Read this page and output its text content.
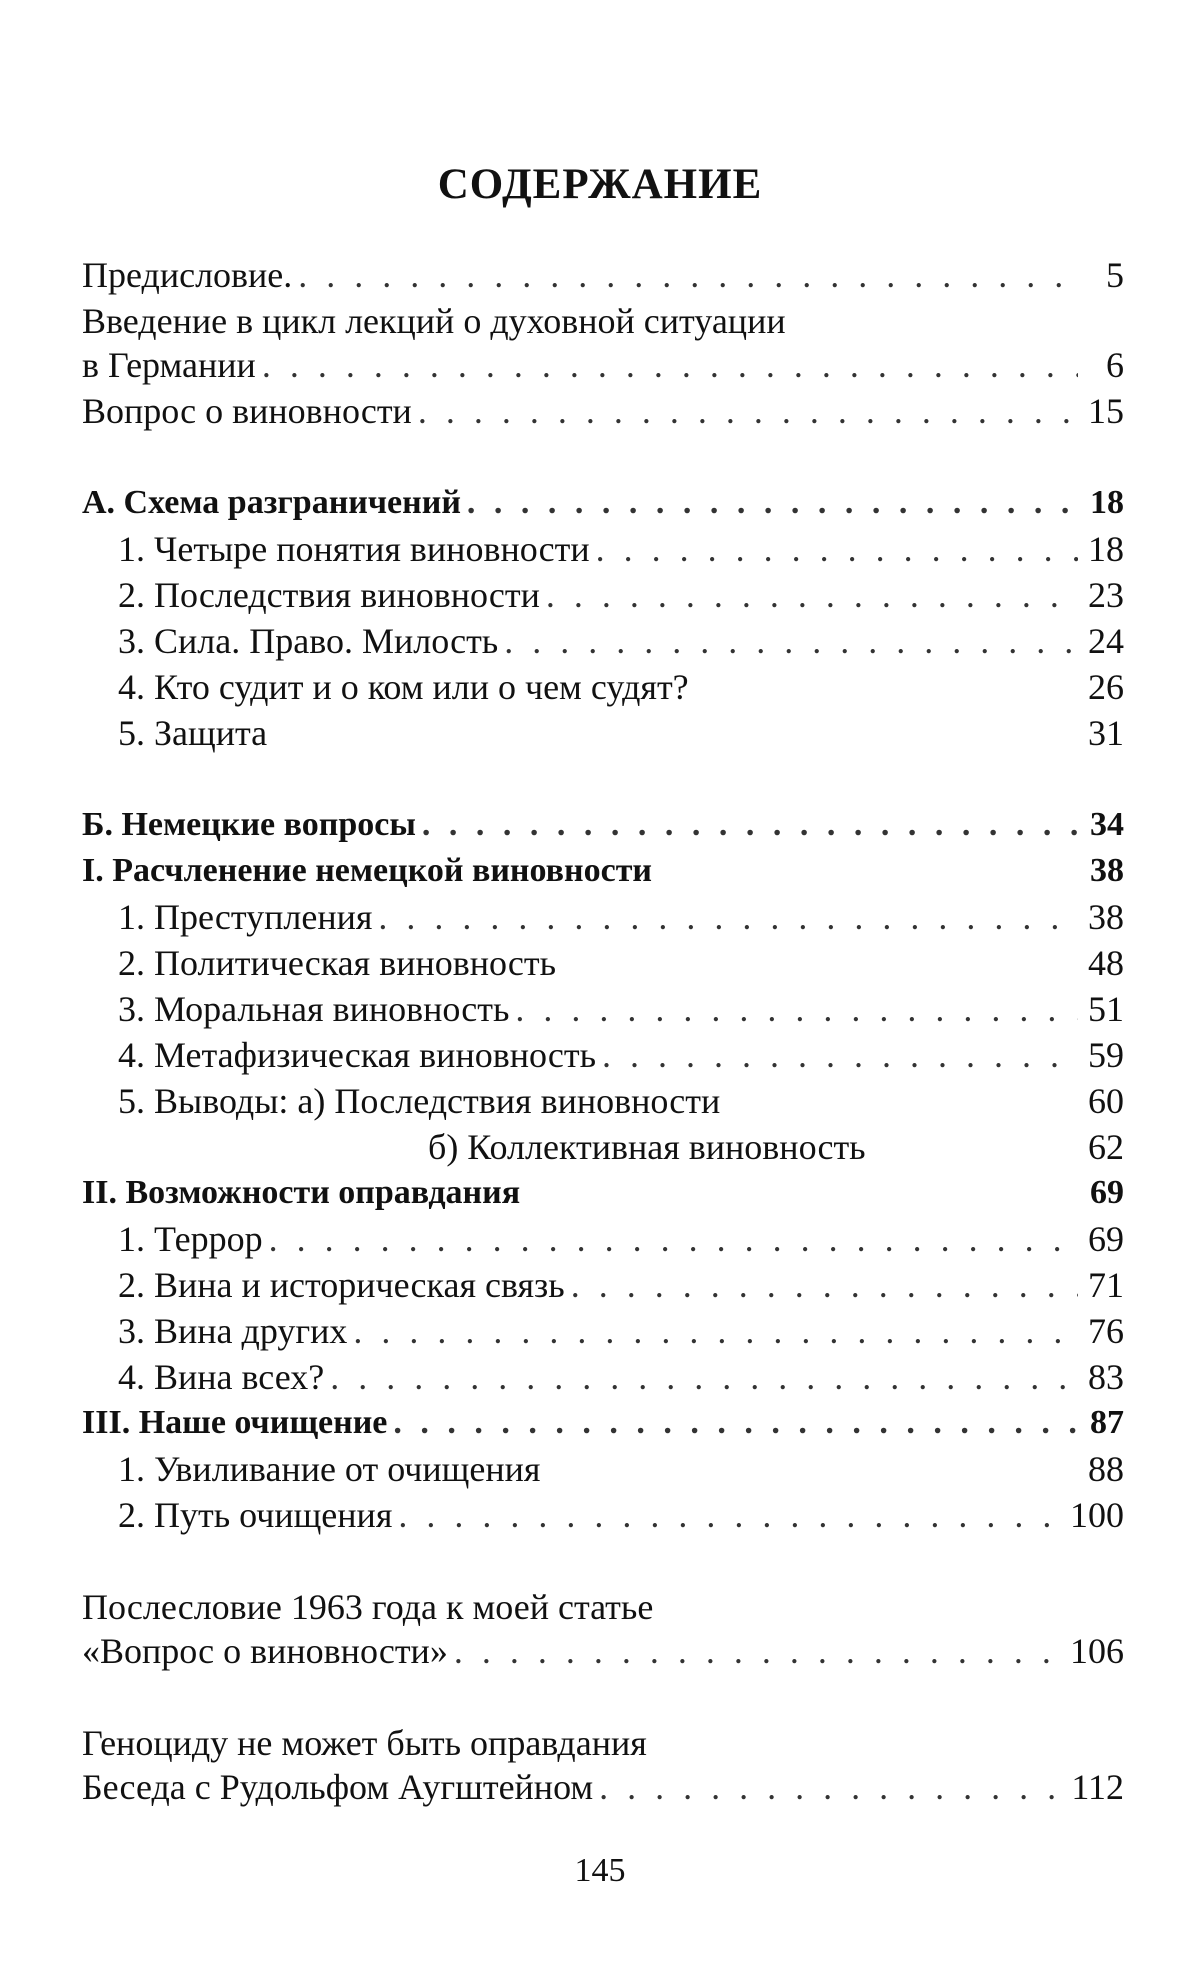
СОДЕРЖАНИЕ
Предисловие. . . .	5
Введение в цикл лекций о духовной ситуации
в Германии . . .	6
Вопрос о виновности . . .	15
А. Схема разграничений . . .	18
1. Четыре понятия виновности . . .	18
2. Последствия виновности . . .	23
3. Сила. Право. Милость . . .	24
4. Кто судит и о ком или о чем судят?	26
5. Защита	31
Б. Немецкие вопросы . . .	34
I. Расчленение немецкой виновности	38
1. Преступления . . .	38
2. Политическая виновность	48
3. Моральная виновность . . .	51
4. Метафизическая виновность . . .	59
5. Выводы: а) Последствия виновности	60
б) Коллективная виновность	62
II. Возможности оправдания	69
1. Террор . . .	69
2. Вина и историческая связь . . .	71
3. Вина других . . .	76
4. Вина всех? . . .	83
III. Наше очищение . . .	87
1. Увиливание от очищения	88
2. Путь очищения . . .	100
Послесловие 1963 года к моей статье
«Вопрос о виновности» . . .	106
Геноциду не может быть оправдания
Беседа с Рудольфом Аугштейном . . .	112
145
